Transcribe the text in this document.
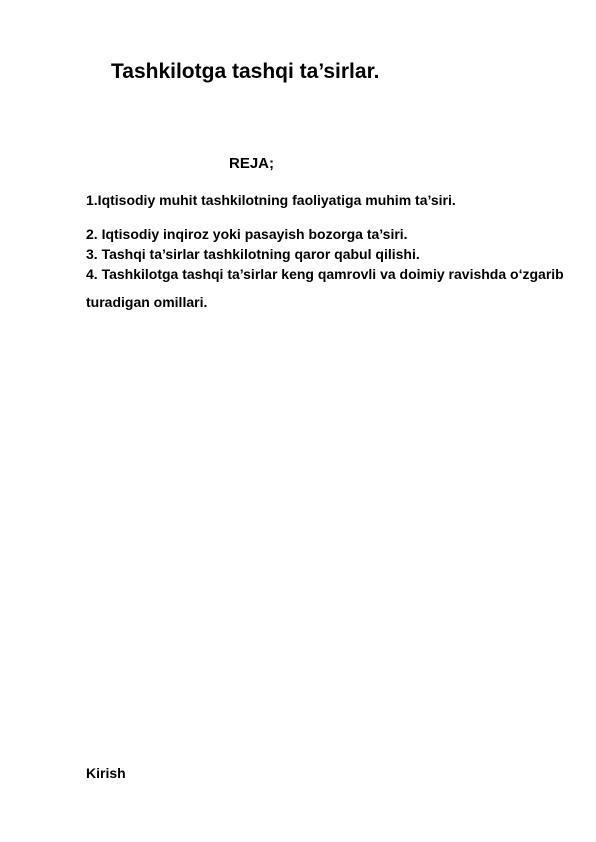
Tashkilotga tashqi ta’sirlar.
REJA;
1.Iqtisodiy muhit tashkilotning faoliyatiga muhim ta’siri.
2. Iqtisodiy inqiroz yoki pasayish bozorga ta’siri.
3. Tashqi ta’sirlar tashkilotning qaror qabul qilishi.
4. Tashkilotga tashqi ta’sirlar keng qamrovli va doimiy ravishda o‘zgarib turadigan omillari.
Kirish
